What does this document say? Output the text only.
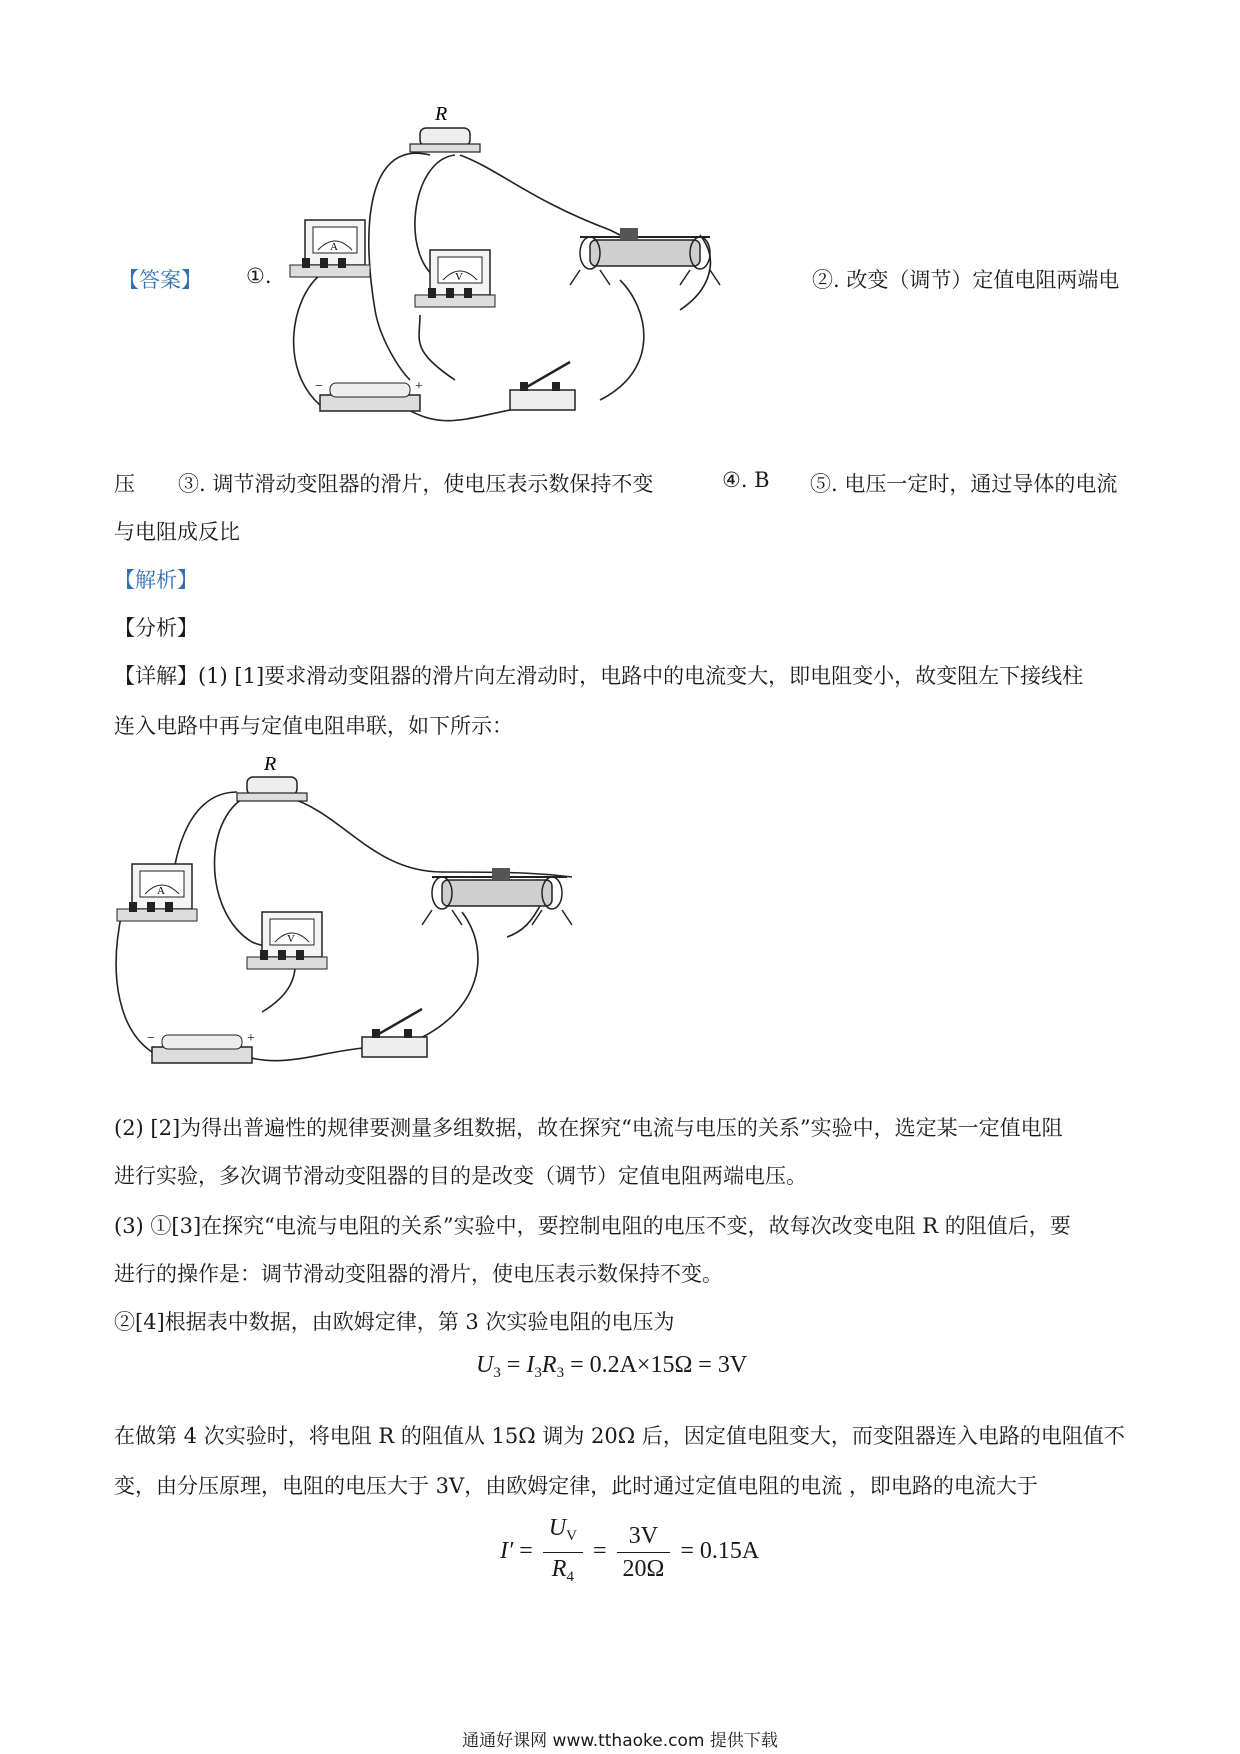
【答案】 ①.
R
A
V
−	+
②. 改变（调节）定值电阻两端电
压 ③. 调节滑动变阻器的滑片，使电压表示数保持不变	④. B ⑤. 电压一定时，通过导体的电流
与电阻成反比
【解析】
【分析】
【详解】(1) [1]要求滑动变阻器的滑片向左滑动时，电路中的电流变大，即电阻变小，故变阻左下接线柱
连入电路中再与定值电阻串联，如下所示：
R
A
V
−	+
(2) [2]为得出普遍性的规律要测量多组数据，故在探究“电流与电压的关系”实验中，选定某一定值电阻
进行实验，多次调节滑动变阻器的目的是改变（调节）定值电阻两端电压。
(3) ①[3]在探究“电流与电阻的关系”实验中，要控制电阻的电压不变，故每次改变电阻 R 的阻值后，要
进行的操作是：调节滑动变阻器的滑片，使电压表示数保持不变。
②[4]根据表中数据，由欧姆定律，第 3 次实验电阻的电压为
$U_3 = I_3R_3 = 0.2A\times 15\Omega = 3V$
在做第 4 次实验时，将电阻 R 的阻值从 15Ω 调为 20Ω 后，因定值电阻变大，而变阻器连入电路的电阻值不
变，由分压原理，电阻的电压大于 3V，由欧姆定律，此时通过定值电阻的电流 ，即电路的电流大于
$I' = \frac{U_V}{R_4} = \frac{3V}{20\Omega} = 0.15A$
通通好课网 www.tthaoke.com 提供下载
